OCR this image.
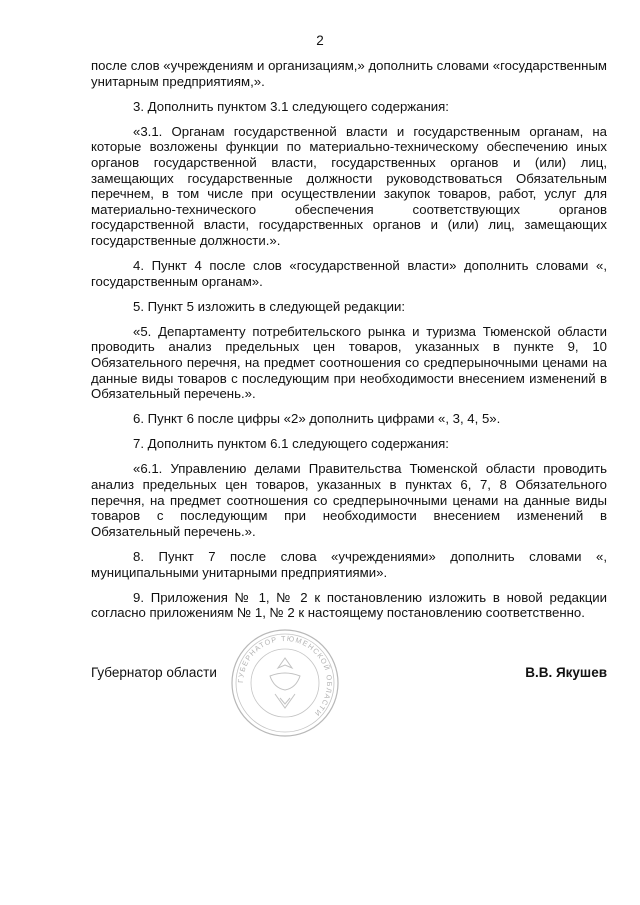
2

после слов «учреждениям и организациям,» дополнить словами «государственным унитарным предприятиям,».

3. Дополнить пунктом 3.1 следующего содержания:

«3.1. Органам государственной власти и государственным органам, на которые возложены функции по материально-техническому обеспечению иных органов государственной власти, государственных органов и (или) лиц, замещающих государственные должности руководствоваться Обязательным перечнем, в том числе при осуществлении закупок товаров, работ, услуг для материально-технического обеспечения соответствующих органов государственной власти, государственных органов и (или) лиц, замещающих государственные должности.».

4. Пункт 4 после слов «государственной власти» дополнить словами «, государственным органам».

5. Пункт 5 изложить в следующей редакции:

«5. Департаменту потребительского рынка и туризма Тюменской области проводить анализ предельных цен товаров, указанных в пункте 9, 10 Обязательного перечня, на предмет соотношения со средперыночными ценами на данные виды товаров с последующим при необходимости внесением изменений в Обязательный перечень.».

6. Пункт 6 после цифры «2» дополнить цифрами «, 3, 4, 5».

7. Дополнить пунктом 6.1 следующего содержания:

«6.1. Управлению делами Правительства Тюменской области проводить анализ предельных цен товаров, указанных в пунктах 6, 7, 8 Обязательного перечня, на предмет соотношения со средперыночными ценами на данные виды товаров с последующим при необходимости внесением изменений в Обязательный перечень.».

8. Пункт 7 после слова «учреждениями» дополнить словами «, муниципальными унитарными предприятиями».

9. Приложения № 1, № 2 к постановлению изложить в новой редакции согласно приложениям № 1, № 2 к настоящему постановлению соответственно.

Губернатор области	В.В. Якушев
ГУБЕРНАТОР ТЮМЕНСКОЙ ОБЛАСТИ
